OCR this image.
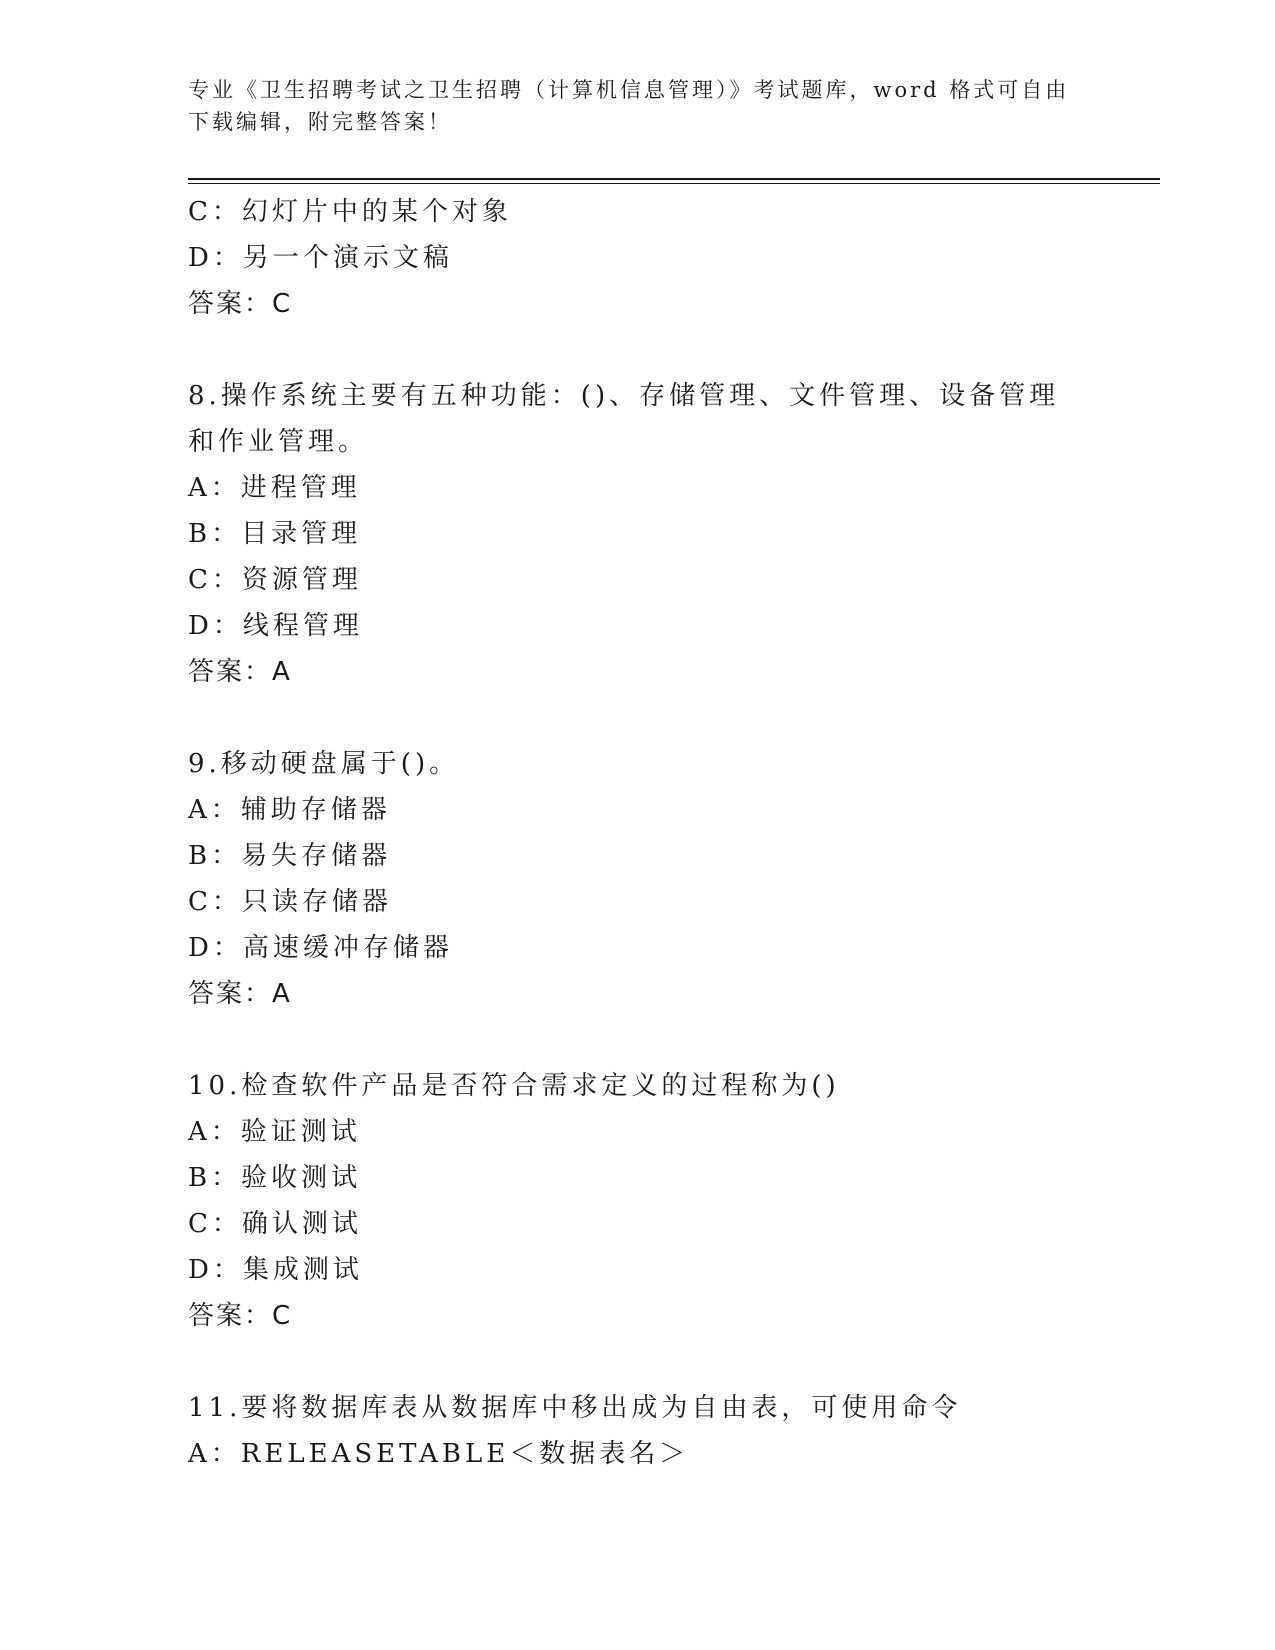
专业《卫生招聘考试之卫生招聘（计算机信息管理）》考试题库，word 格式可自由下载编辑，附完整答案！
C：幻灯片中的某个对象
D：另一个演示文稿
答案：C
8.操作系统主要有五种功能：()、存储管理、文件管理、设备管理和作业管理。
A：进程管理
B：目录管理
C：资源管理
D：线程管理
答案：A
9.移动硬盘属于()。
A：辅助存储器
B：易失存储器
C：只读存储器
D：高速缓冲存储器
答案：A
10.检查软件产品是否符合需求定义的过程称为()
A：验证测试
B：验收测试
C：确认测试
D：集成测试
答案：C
11.要将数据库表从数据库中移出成为自由表，可使用命令
A：RELEASETABLE＜数据表名＞
